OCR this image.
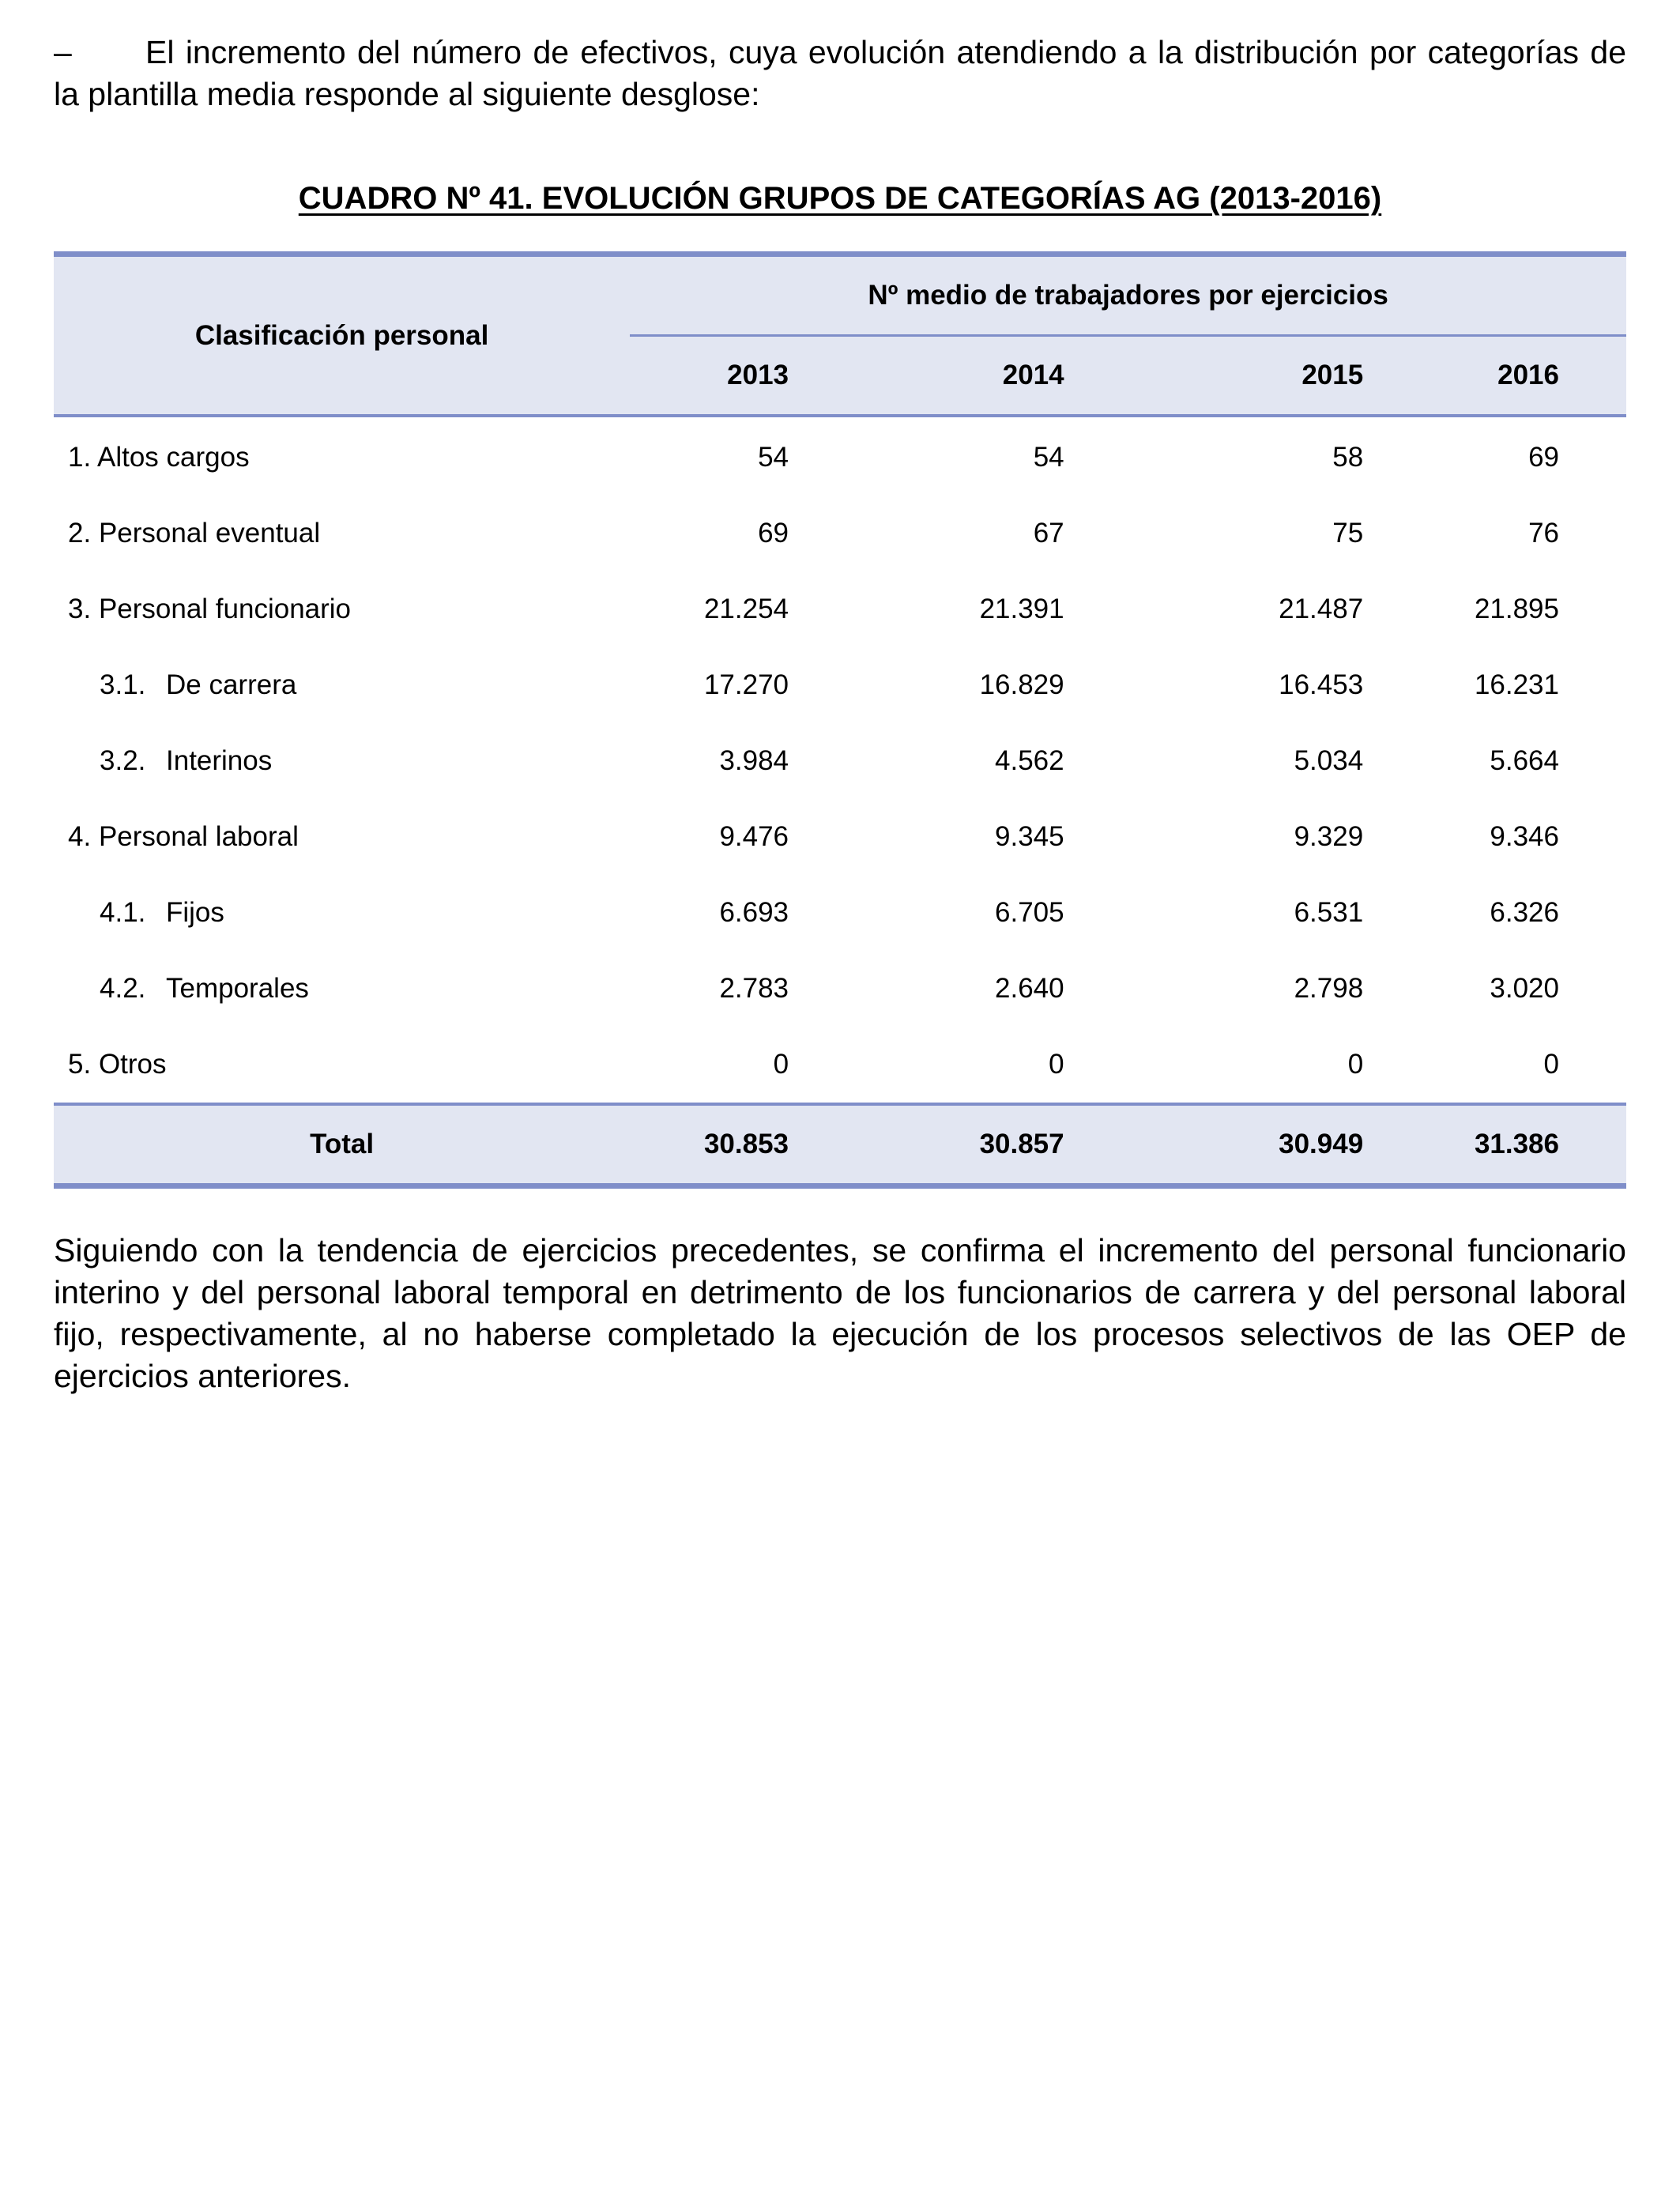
– El incremento del número de efectivos, cuya evolución atendiendo a la distribución por categorías de la plantilla media responde al siguiente desglose:

CUADRO Nº 41. EVOLUCIÓN GRUPOS DE CATEGORÍAS AG (2013-2016)
Clasificación personal	Nº medio de trabajadores por ejercicios			
	2013	2014	2015	2016
1. Altos cargos	54	54	58	69
2. Personal eventual	69	67	75	76
3. Personal funcionario	21.254	21.391	21.487	21.895
3.1. De carrera	17.270	16.829	16.453	16.231
3.2. Interinos	3.984	4.562	5.034	5.664
4. Personal laboral	9.476	9.345	9.329	9.346
4.1. Fijos	6.693	6.705	6.531	6.326
4.2. Temporales	2.783	2.640	2.798	3.020
5. Otros	0	0	0	0
Total	30.853	30.857	30.949	31.386

Siguiendo con la tendencia de ejercicios precedentes, se confirma el incremento del personal funcionario interino y del personal laboral temporal en detrimento de los funcionarios de carrera y del personal laboral fijo, respectivamente, al no haberse completado la ejecución de los procesos selectivos de las OEP de ejercicios anteriores.
